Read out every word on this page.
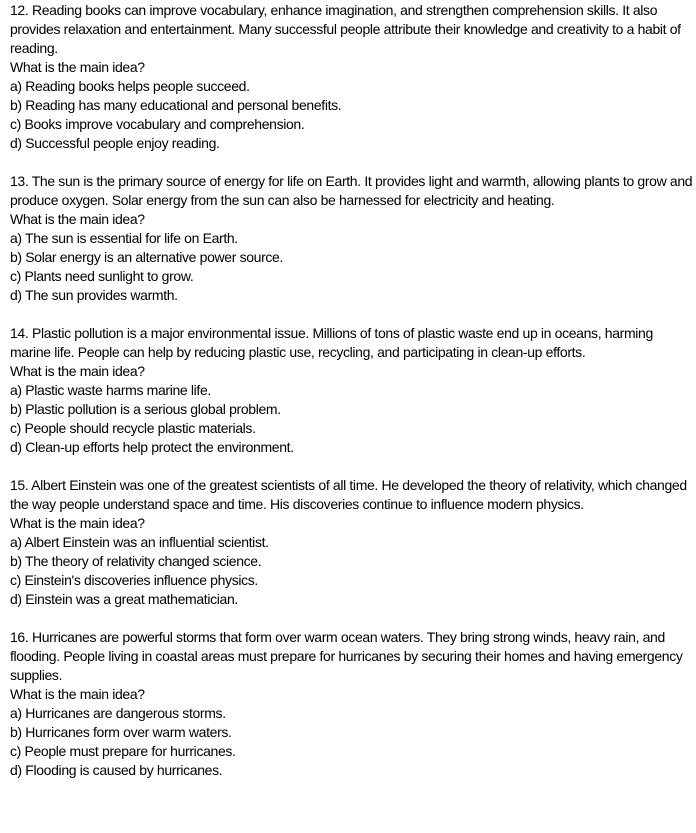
12. Reading books can improve vocabulary, enhance imagination, and strengthen comprehension skills. It also provides relaxation and entertainment. Many successful people attribute their knowledge and creativity to a habit of reading.
What is the main idea?
a) Reading books helps people succeed.
b) Reading has many educational and personal benefits.
c) Books improve vocabulary and comprehension.
d) Successful people enjoy reading.
13. The sun is the primary source of energy for life on Earth. It provides light and warmth, allowing plants to grow and produce oxygen. Solar energy from the sun can also be harnessed for electricity and heating.
What is the main idea?
a) The sun is essential for life on Earth.
b) Solar energy is an alternative power source.
c) Plants need sunlight to grow.
d) The sun provides warmth.
14. Plastic pollution is a major environmental issue. Millions of tons of plastic waste end up in oceans, harming marine life. People can help by reducing plastic use, recycling, and participating in clean-up efforts.
What is the main idea?
a) Plastic waste harms marine life.
b) Plastic pollution is a serious global problem.
c) People should recycle plastic materials.
d) Clean-up efforts help protect the environment.
15. Albert Einstein was one of the greatest scientists of all time. He developed the theory of relativity, which changed the way people understand space and time. His discoveries continue to influence modern physics.
What is the main idea?
a) Albert Einstein was an influential scientist.
b) The theory of relativity changed science.
c) Einstein's discoveries influence physics.
d) Einstein was a great mathematician.
16. Hurricanes are powerful storms that form over warm ocean waters. They bring strong winds, heavy rain, and flooding. People living in coastal areas must prepare for hurricanes by securing their homes and having emergency supplies.
What is the main idea?
a) Hurricanes are dangerous storms.
b) Hurricanes form over warm waters.
c) People must prepare for hurricanes.
d) Flooding is caused by hurricanes.
